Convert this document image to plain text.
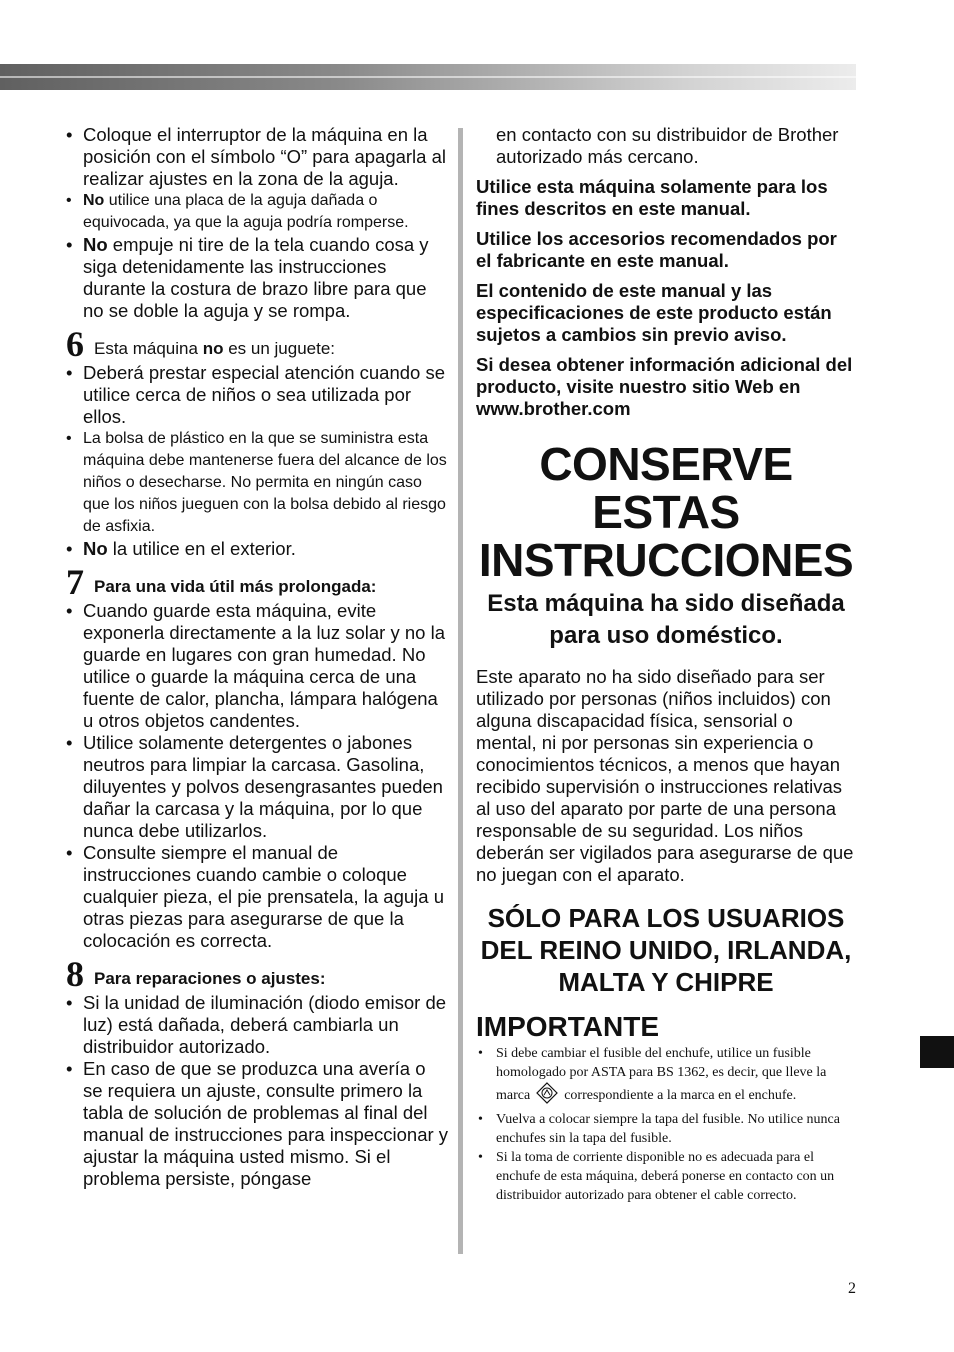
• Coloque el interruptor de la máquina en la posición con el símbolo “O” para apagarla al realizar ajustes en la zona de la aguja.
• No utilice una placa de la aguja dañada o equivocada, ya que la aguja podría romperse.
• No empuje ni tire de la tela cuando cosa y siga detenidamente las instrucciones durante la costura de brazo libre para que no se doble la aguja y se rompa.
6 Esta máquina no es un juguete:
• Deberá prestar especial atención cuando se utilice cerca de niños o sea utilizada por ellos.
• La bolsa de plástico en la que se suministra esta máquina debe mantenerse fuera del alcance de los niños o desecharse. No permita en ningún caso que los niños jueguen con la bolsa debido al riesgo de asfixia.
• No la utilice en el exterior.
7 Para una vida útil más prolongada:
• Cuando guarde esta máquina, evite exponerla directamente a la luz solar y no la guarde en lugares con gran humedad. No utilice o guarde la máquina cerca de una fuente de calor, plancha, lámpara halógena u otros objetos candentes.
• Utilice solamente detergentes o jabones neutros para limpiar la carcasa. Gasolina, diluyentes y polvos desengrasantes pueden dañar la carcasa y la máquina, por lo que nunca debe utilizarlos.
• Consulte siempre el manual de instrucciones cuando cambie o coloque cualquier pieza, el pie prensatela, la aguja u otras piezas para asegurarse de que la colocación es correcta.
8 Para reparaciones o ajustes:
• Si la unidad de iluminación (diodo emisor de luz) está dañada, deberá cambiarla un distribuidor autorizado.
• En caso de que se produzca una avería o se requiera un ajuste, consulte primero la tabla de solución de problemas al final del manual de instrucciones para inspeccionar y ajustar la máquina usted mismo. Si el problema persiste, póngase
en contacto con su distribuidor de Brother autorizado más cercano.
Utilice esta máquina solamente para los fines descritos en este manual.
Utilice los accesorios recomendados por el fabricante en este manual.
El contenido de este manual y las especificaciones de este producto están sujetos a cambios sin previo aviso.
Si desea obtener información adicional del producto, visite nuestro sitio Web en www.brother.com
CONSERVE ESTAS INSTRUCCIONES
Esta máquina ha sido diseñada para uso doméstico.
Este aparato no ha sido diseñado para ser utilizado por personas (niños incluidos) con alguna discapacidad física, sensorial o mental, ni por personas sin experiencia o conocimientos técnicos, a menos que hayan recibido supervisión o instrucciones relativas al uso del aparato por parte de una persona responsable de su seguridad. Los niños deberán ser vigilados para asegurarse de que no juegan con el aparato.
SÓLO PARA LOS USUARIOS DEL REINO UNIDO, IRLANDA, MALTA Y CHIPRE
IMPORTANTE
• Si debe cambiar el fusible del enchufe, utilice un fusible homologado por ASTA para BS 1362, es decir, que lleve la marca correspondiente a la marca en el enchufe.
• Vuelva a colocar siempre la tapa del fusible. No utilice nunca enchufes sin la tapa del fusible.
• Si la toma de corriente disponible no es adecuada para el enchufe de esta máquina, deberá ponerse en contacto con un distribuidor autorizado para obtener el cable correcto.
2
